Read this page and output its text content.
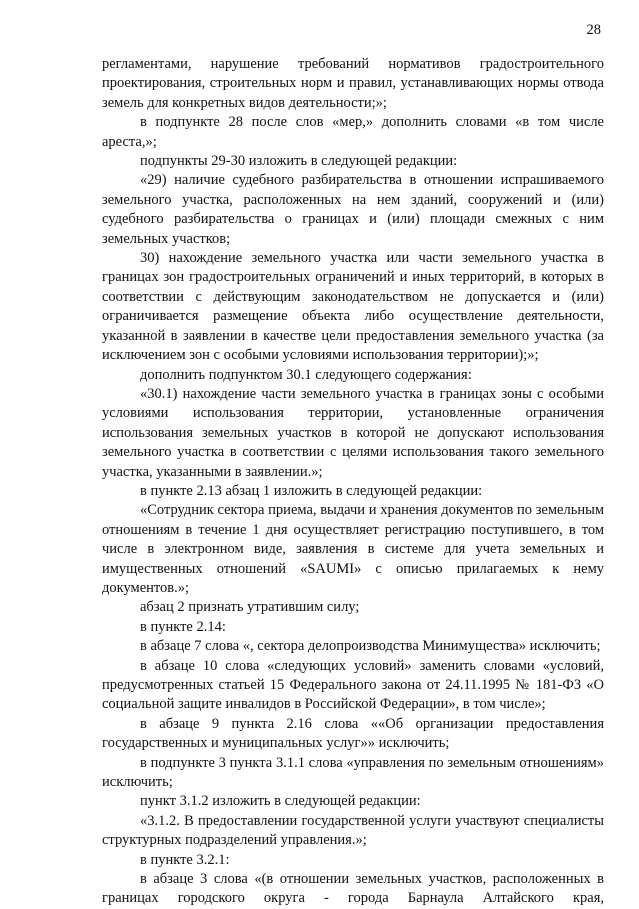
28

регламентами, нарушение требований нормативов градостроительного проектирования, строительных норм и правил, устанавливающих нормы отвода земель для конкретных видов деятельности;»;

в подпункте 28 после слов «мер,» дополнить словами «в том числе ареста,»;

подпункты 29-30 изложить в следующей редакции:

«29) наличие судебного разбирательства в отношении испрашиваемого земельного участка, расположенных на нем зданий, сооружений и (или) судебного разбирательства о границах и (или) площади смежных с ним земельных участков;

30) нахождение земельного участка или части земельного участка в границах зон градостроительных ограничений и иных территорий, в которых в соответствии с действующим законодательством не допускается и (или) ограничивается размещение объекта либо осуществление деятельности, указанной в заявлении в качестве цели предоставления земельного участка (за исключением зон с особыми условиями использования территории);»;

дополнить подпунктом 30.1 следующего содержания:

«30.1) нахождение части земельного участка в границах зоны с особыми условиями использования территории, установленные ограничения использования земельных участков в которой не допускают использования земельного участка в соответствии с целями использования такого земельного участка, указанными в заявлении.»;

в пункте 2.13 абзац 1 изложить в следующей редакции:

«Сотрудник сектора приема, выдачи и хранения документов по земельным отношениям в течение 1 дня осуществляет регистрацию поступившего, в том числе в электронном виде, заявления в системе для учета земельных и имущественных отношений «SAUMI» с описью прилагаемых к нему документов.»;

абзац 2 признать утратившим силу;

в пункте 2.14:

в абзаце 7 слова «, сектора делопроизводства Минимущества» исключить;

в абзаце 10 слова «следующих условий» заменить словами «условий, предусмотренных статьей 15 Федерального закона от 24.11.1995 № 181-ФЗ «О социальной защите инвалидов в Российской Федерации», в том числе»;

в абзаце 9 пункта 2.16 слова ««Об организации предоставления государственных и муниципальных услуг»» исключить;

в подпункте 3 пункта 3.1.1 слова «управления по земельным отношениям» исключить;

пункт 3.1.2 изложить в следующей редакции:

«3.1.2. В предоставлении государственной услуги участвуют специалисты структурных подразделений управления.»;

в пункте 3.2.1:

в абзаце 3 слова «(в отношении земельных участков, расположенных в границах городского округа - города Барнаула Алтайского края,
